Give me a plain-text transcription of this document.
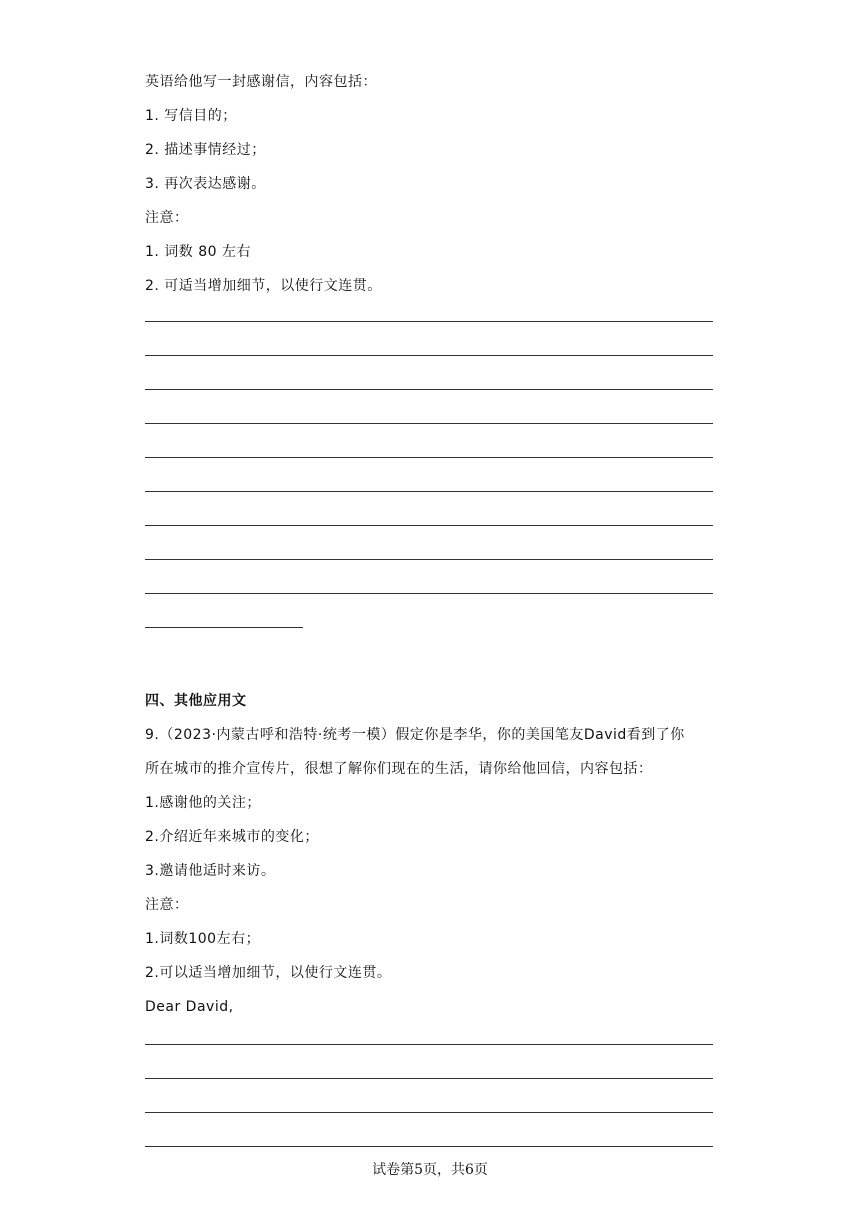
英语给他写一封感谢信，内容包括：
1. 写信目的；
2. 描述事情经过；
3. 再次表达感谢。
注意：
1. 词数 80 左右
2. 可适当增加细节，以使行文连贯。
四、其他应用文
9.（2023·内蒙古呼和浩特·统考一模）假定你是李华，你的美国笔友David看到了你
所在城市的推介宣传片，很想了解你们现在的生活，请你给他回信，内容包括：
1.感谢他的关注；
2.介绍近年来城市的变化；
3.邀请他适时来访。
注意：
1.词数100左右；
2.可以适当增加细节，以使行文连贯。
Dear David,
试卷第5页，共6页
